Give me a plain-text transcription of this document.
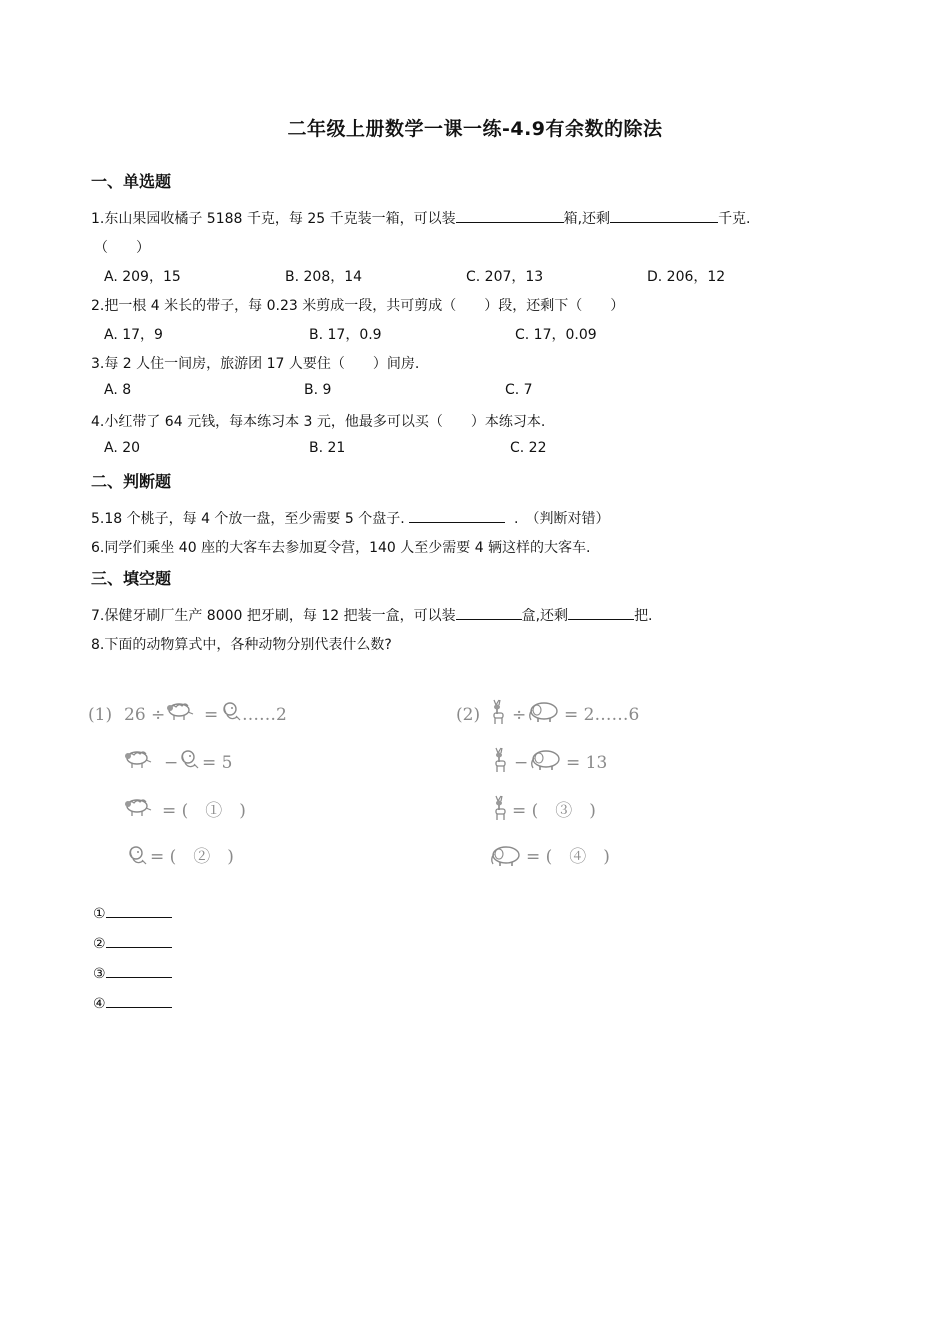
二年级上册数学一课一练-4.9有余数的除法
一、单选题
1.东山果园收橘子 5188 千克，每 25 千克装一箱，可以装	箱,还剩	千克.
（　　）
A. 209，15	B. 208，14	C. 207，13	D. 206，12
2.把一根 4 米长的带子，每 0.23 米剪成一段，共可剪成（　　）段，还剩下（　　）
A. 17，9	B. 17，0.9	C. 17，0.09
3.每 2 人住一间房，旅游团 17 人要住（　　）间房.
A. 8	B. 9	C. 7
4.小红带了 64 元钱，每本练习本 3 元，他最多可以买（　　）本练习本.
A. 20	B. 21	C. 22
二、判断题
5.18 个桃子，每 4 个放一盘，至少需要 5 个盘子.	.　（判断对错）
6.同学们乘坐 40 座的大客车去参加夏令营，140 人至少需要 4 辆这样的大客车.
三、填空题
7.保健牙刷厂生产 8000 把牙刷，每 12 把装一盒，可以装	盒,还剩	把.
8.下面的动物算式中，各种动物分别代表什么数?
(1) 26 ÷ = ……2
− = 5
= (　①　)
= (　②　)
(2) ÷ = 2……6
− = 13
= (　③　)
= (　④　)
①
②
③
④
